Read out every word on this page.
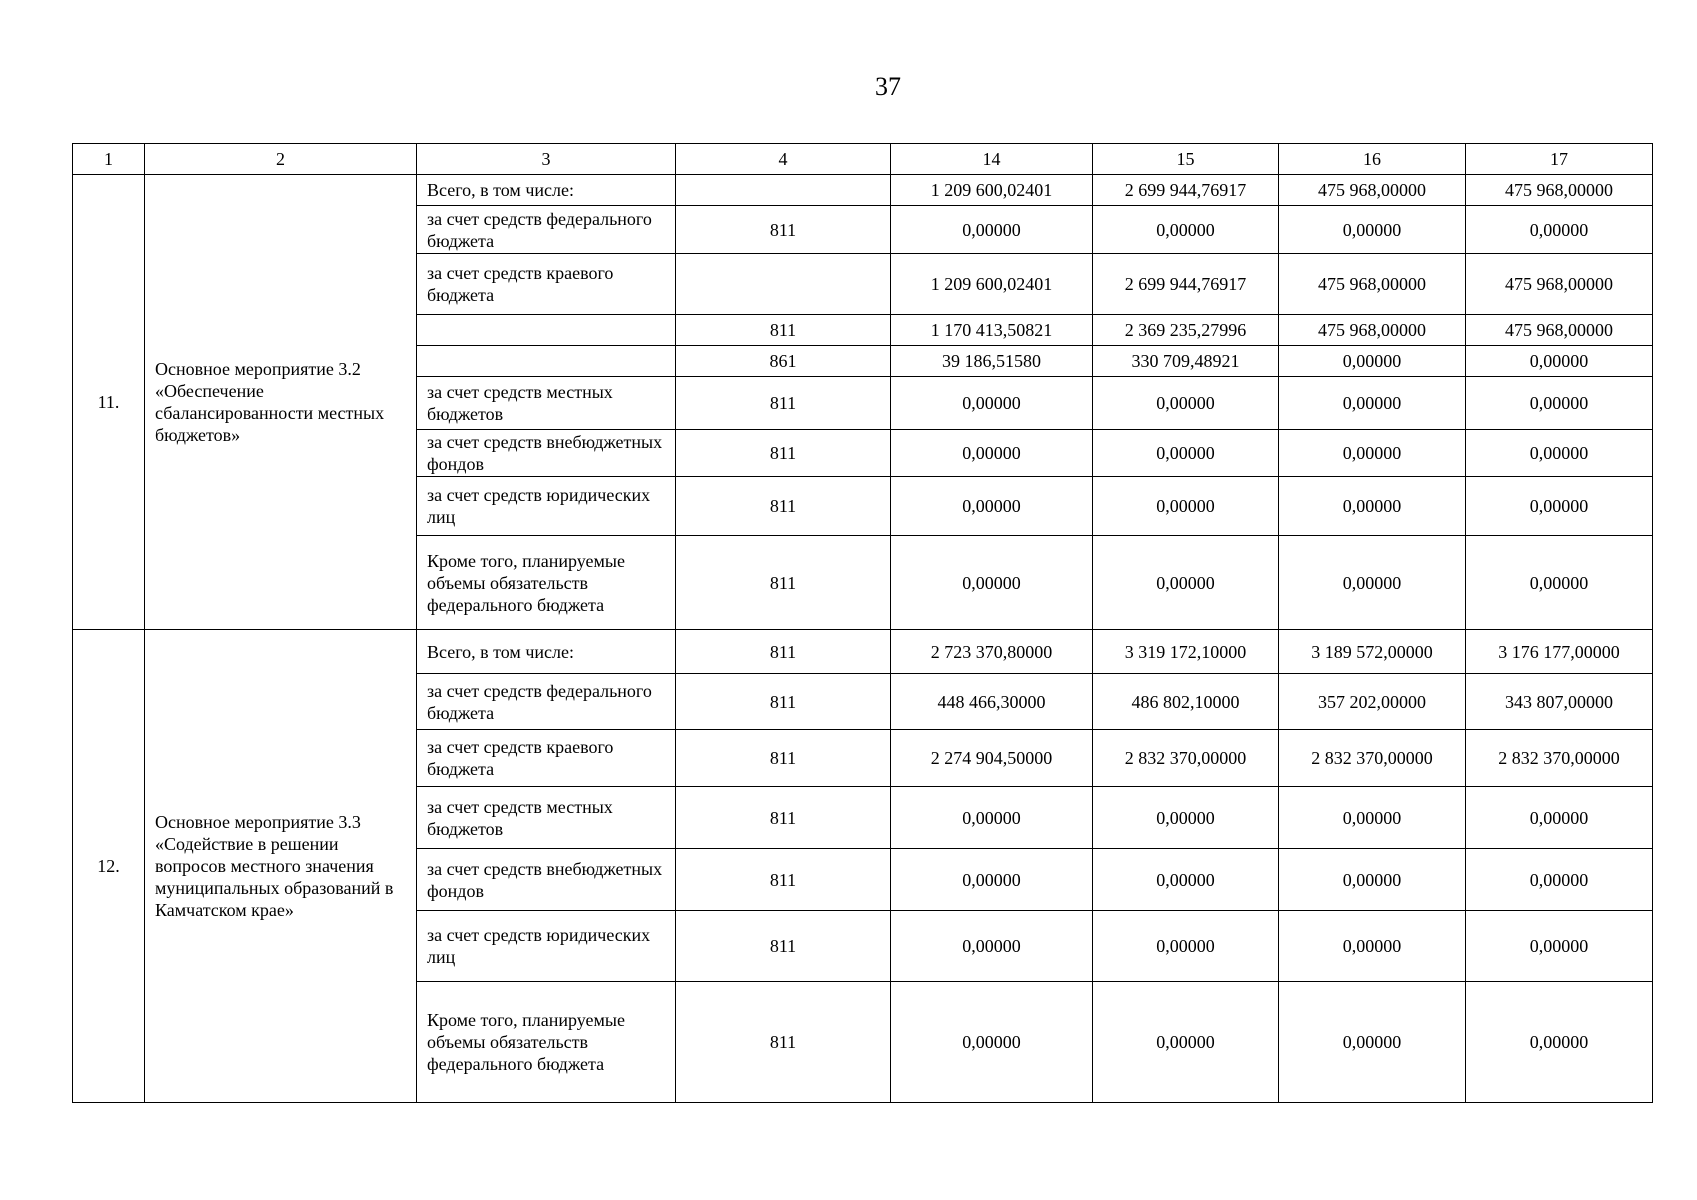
37
1	2	3	4	14	15	16	17
11.	Основное мероприятие 3.2 «Обеспечение сбалансированности местных бюджетов»	Всего, в том числе:		1 209 600,02401	2 699 944,76917	475 968,00000	475 968,00000
		за счет средств федерального бюджета	811	0,00000	0,00000	0,00000	0,00000
		за счет средств краевого бюджета		1 209 600,02401	2 699 944,76917	475 968,00000	475 968,00000
			811	1 170 413,50821	2 369 235,27996	475 968,00000	475 968,00000
			861	39 186,51580	330 709,48921	0,00000	0,00000
		за счет средств местных бюджетов	811	0,00000	0,00000	0,00000	0,00000
		за счет средств внебюджетных фондов	811	0,00000	0,00000	0,00000	0,00000
		за счет средств юридических лиц	811	0,00000	0,00000	0,00000	0,00000
		Кроме того, планируемые объемы обязательств федерального бюджета	811	0,00000	0,00000	0,00000	0,00000
12.	Основное мероприятие 3.3 «Содействие в решении вопросов местного значения муниципальных образований в Камчатском крае»	Всего, в том числе:	811	2 723 370,80000	3 319 172,10000	3 189 572,00000	3 176 177,00000
		за счет средств федерального бюджета	811	448 466,30000	486 802,10000	357 202,00000	343 807,00000
		за счет средств краевого бюджета	811	2 274 904,50000	2 832 370,00000	2 832 370,00000	2 832 370,00000
		за счет средств местных бюджетов	811	0,00000	0,00000	0,00000	0,00000
		за счет средств внебюджетных фондов	811	0,00000	0,00000	0,00000	0,00000
		за счет средств юридических лиц	811	0,00000	0,00000	0,00000	0,00000
		Кроме того, планируемые объемы обязательств федерального бюджета	811	0,00000	0,00000	0,00000	0,00000
